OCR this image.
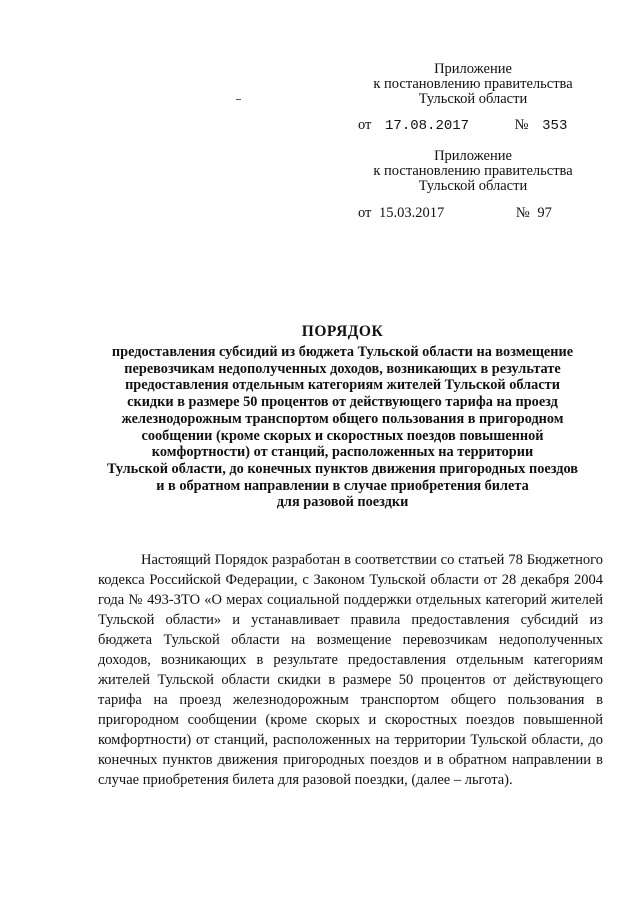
Приложение
к постановлению правительства
Тульской области
от 17.08.2017	№ 353
Приложение
к постановлению правительства
Тульской области
от 15.03.2017	№ 97
ПОРЯДОК
предоставления субсидий из бюджета Тульской области на возмещение
перевозчикам недополученных доходов, возникающих в результате
предоставления отдельным категориям жителей Тульской области
скидки в размере 50 процентов от действующего тарифа на проезд
железнодорожным транспортом общего пользования в пригородном
сообщении (кроме скорых и скоростных поездов повышенной
комфортности) от станций, расположенных на территории
Тульской области, до конечных пунктов движения пригородных поездов
и в обратном направлении в случае приобретения билета
для разовой поездки

Настоящий Порядок разработан в соответствии со статьей 78 Бюджетного кодекса Российской Федерации, с Законом Тульской области от 28 декабря 2004 года № 493-ЗТО «О мерах социальной поддержки отдельных категорий жителей Тульской области» и устанавливает правила предоставления субсидий из бюджета Тульской области на возмещение перевозчикам недополученных доходов, возникающих в результате предоставления отдельным категориям жителей Тульской области скидки в размере 50 процентов от действующего тарифа на проезд железнодорожным транспортом общего пользования в пригородном сообщении (кроме скорых и скоростных поездов повышенной комфортности) от станций, расположенных на территории Тульской области, до конечных пунктов движения пригородных поездов и в обратном направлении в случае приобретения билета для разовой поездки, (далее – льгота).
